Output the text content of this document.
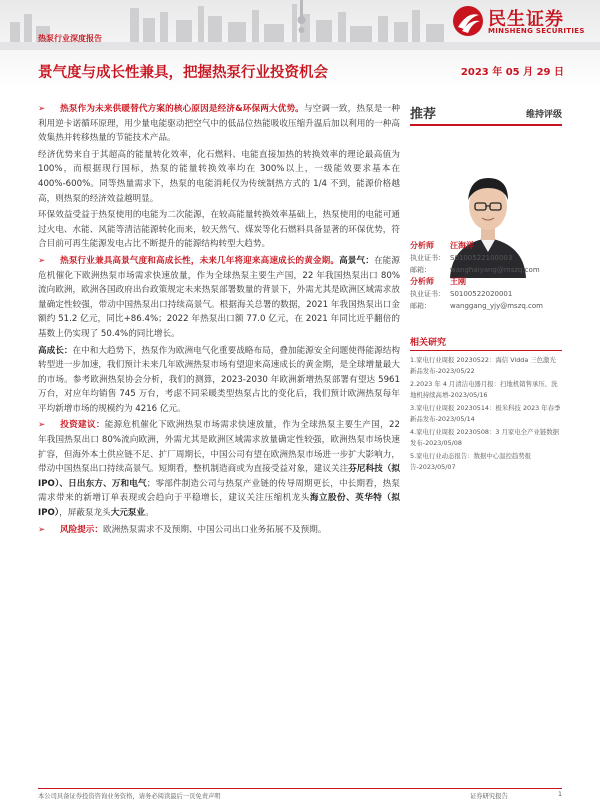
民生证券
MINSHENG SECURITIES
热泵行业深度报告
景气度与成长性兼具，把握热泵行业投资机会	2023 年 05 月 29 日

➢ 热泵作为未来供暖替代方案的核心原因是经济&环保两大优势。与空调一致，热泵是一种利用逆卡诺循环原理，用少量电能驱动把空气中的低品位热能吸收压缩升温后加以利用的一种高效集热并转移热量的节能技术产品。

经济优势来自于其超高的能量转化效率，化石燃料、电能直接加热的转换效率的理论最高值为 100%，而根据现行国标，热泵的能量转换效率均在 300%以上，一级能效要求基本在 400%-600%。同等热量需求下，热泵的电能消耗仅为传统制热方式的 1/4 不到，能源价格越高，则热泵的经济效益越明显。

环保效益受益于热泵使用的电能为二次能源，在较高能量转换效率基础上，热泵使用的电能可通过火电、水能、风能等清洁能源转化而来，较天然气、煤炭等化石燃料具备显著的环保优势，符合目前可再生能源发电占比不断提升的能源结构转型大趋势。

➢ 热泵行业兼具高景气度和高成长性，未来几年将迎来高速成长的黄金期。高景气：在能源危机催化下欧洲热泵市场需求快速放量，作为全球热泵主要生产国，22 年我国热泵出口 80%流向欧洲，欧洲各国政府出台政策规定未来热泵部署数量的背景下，外需尤其是欧洲区域需求放量确定性较强，带动中国热泵出口持续高景气。根据海关总署的数据，2021 年我国热泵出口金额约 51.2 亿元，同比+86.4%；2022 年热泵出口额 77.0 亿元，在 2021 年同比近乎翻倍的基数上仍实现了 50.4%的同比增长。

高成长：在中和大趋势下，热泵作为欧洲电气化重要战略布局，叠加能源安全问题使得能源结构转型进一步加速，我们预计未来几年欧洲热泵市场有望迎来高速成长的黄金期，是全球增量最大的市场。参考欧洲热泵协会分析，我们的测算，2023-2030 年欧洲新增热泵部署有望达 5961 万台，对应年均销售 745 万台，考虑不同采暖类型热泵占比的变化后，我们预计欧洲热泵每年平均新增市场的规模约为 4216 亿元。

➢ 投资建议：能源危机催化下欧洲热泵市场需求快速放量，作为全球热泵主要生产国，22 年我国热泵出口 80%流向欧洲，外需尤其是欧洲区域需求放量确定性较强，欧洲热泵市场快速扩容，但海外本土供应链不足、扩厂周期长，中国公司有望在欧洲热泵市场进一步扩大影响力，带动中国热泵出口持续高景气。短期看，整机制造商或为直接受益对象，建议关注芬尼科技（拟 IPO）、日出东方、万和电气；零部件制造公司与热泵产业链的传导周期更长，中长期看，热泵需求带来的新增订单表现或会趋向于平稳增长，建议关注压缩机龙头海立股份、英华特（拟 IPO），屏蔽泵龙头大元泵业。

➢ 风险提示：欧洲热泵需求不及预期、中国公司出口业务拓展不及预期。

推荐	维持评级
分析师 汪海洋
执业证书： S0100522100003
邮箱：	wanghaiyang@mszq.com
分析师 王刚
执业证书： S0100522020001
邮箱：	wanggang_yjy@mszq.com
相关研究
1.家电行业周报 20230522：海信 Vidda 三色激光新品发布-2023/05/22
2.2023 年 4 月清洁电器月报：扫地机销售承压、洗地机持续高增-2023/05/16
3.家电行业周报 20230514：极米科技 2023 年春季新品发布-2023/05/14
4.家电行业周报 20230508：3 月家电全产业链数据发布-2023/05/08
5.家电行业动态报告：数据中心温控趋势报告-2023/05/07
本公司具备证券投资咨询业务资格，请务必阅读最后一页免责声明	证券研究报告	1
